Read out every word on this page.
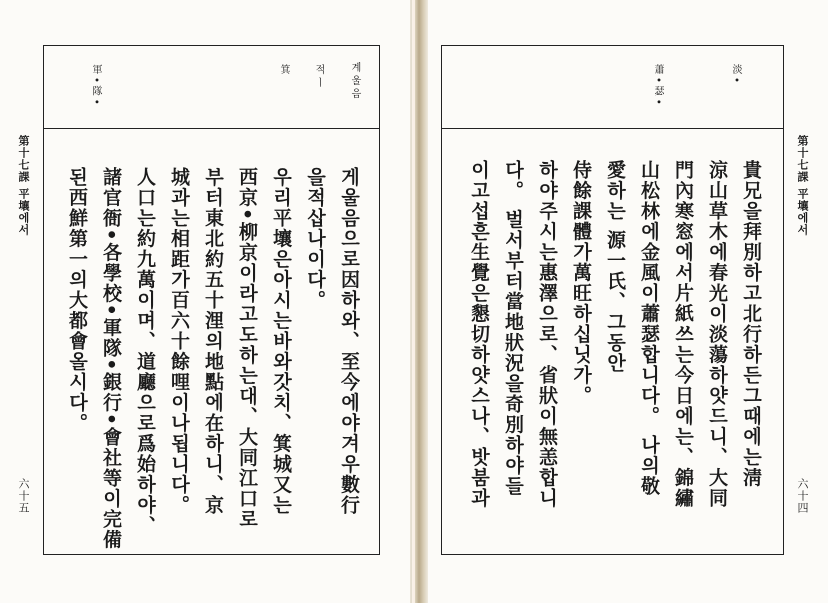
第十七課 平壤에서
六十五
계울음
적ㅣ
箕
軍•隊•
게울음으로因하와、至今에야겨우數行
을적삽나이다。
우리平壤은아시는바와갓치、箕城又는
西京•柳京이라고도하는대、大同江口로
부터東北約五十浬의地點에在하니、京
城과는相距가百六十餘哩이나됩니다。
人口는約九萬이며、道廳으로爲始하야、
諸官衙•各學校•軍隊•銀行•會社等이完備
된西鮮第一의大都會올시다。	第十七課 平壤에서
六十四
淡•
蕭•瑟•
貴兄을拜別하고北行하든그때에는淸
涼山草木에春光이淡蕩하얏드니、大同
門內寒窓에서片紙쓰는今日에는、錦繡
山松林에金風이蕭瑟합니다。 나의敬
愛하는 源一氏、그동안
侍餘課體가萬旺하십닛가。
하야주시는惠澤으로、省狀이無恙합니
다。 벌서부터當地狀況을奇別하야들
이고섭흔生覺은懇切하얏스나、밧붐과
